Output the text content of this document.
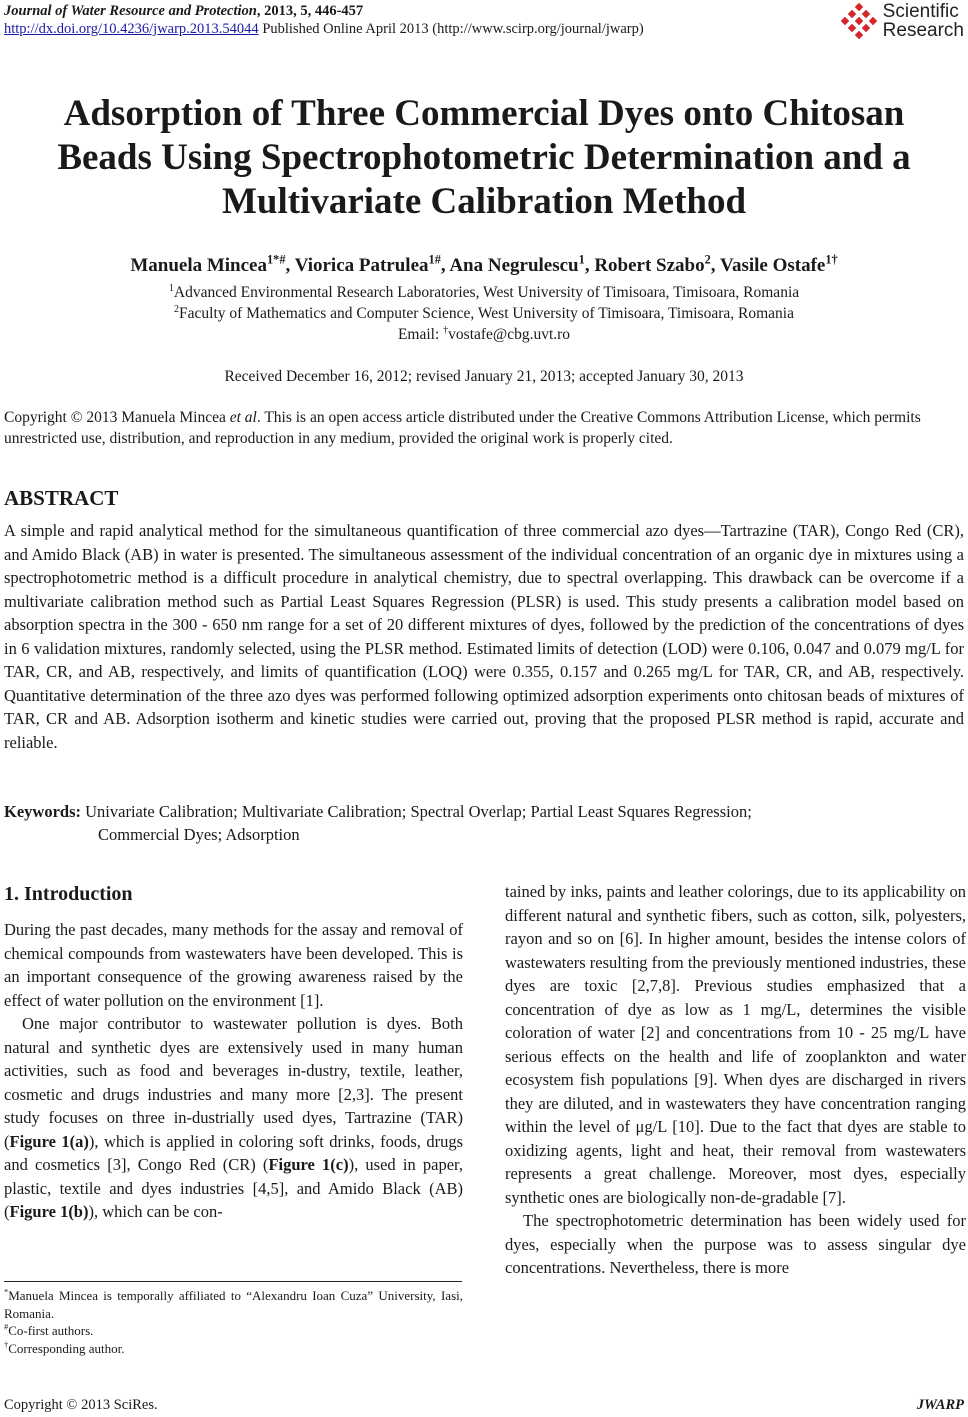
Journal of Water Resource and Protection, 2013, 5, 446-457
http://dx.doi.org/10.4236/jwarp.2013.54044 Published Online April 2013 (http://www.scirp.org/journal/jwarp)
Scientific
Research
Adsorption of Three Commercial Dyes onto Chitosan Beads Using Spectrophotometric Determination and a Multivariate Calibration Method
Manuela Mincea$^{1*\#}$, Viorica Patrulea$^{1\#}$, Ana Negrulescu$^1$, Robert Szabo$^2$, Vasile Ostafe$^{1\dagger}$
$^1$Advanced Environmental Research Laboratories, West University of Timisoara, Timisoara, Romania
$^2$Faculty of Mathematics and Computer Science, West University of Timisoara, Timisoara, Romania
Email: †vostafe@cbg.uvt.ro
Received December 16, 2012; revised January 21, 2013; accepted January 30, 2013
Copyright © 2013 Manuela Mincea et al. This is an open access article distributed under the Creative Commons Attribution License, which permits unrestricted use, distribution, and reproduction in any medium, provided the original work is properly cited.
ABSTRACT
A simple and rapid analytical method for the simultaneous quantification of three commercial azo dyes—Tartrazine (TAR), Congo Red (CR), and Amido Black (AB) in water is presented. The simultaneous assessment of the individual concentration of an organic dye in mixtures using a spectrophotometric method is a difficult procedure in analytical chemistry, due to spectral overlapping. This drawback can be overcome if a multivariate calibration method such as Partial Least Squares Regression (PLSR) is used. This study presents a calibration model based on absorption spectra in the 300 - 650 nm range for a set of 20 different mixtures of dyes, followed by the prediction of the concentrations of dyes in 6 validation mixtures, randomly selected, using the PLSR method. Estimated limits of detection (LOD) were 0.106, 0.047 and 0.079 mg/L for TAR, CR, and AB, respectively, and limits of quantification (LOQ) were 0.355, 0.157 and 0.265 mg/L for TAR, CR, and AB, respectively. Quantitative determination of the three azo dyes was performed following optimized adsorption experiments onto chitosan beads of mixtures of TAR, CR and AB. Adsorption isotherm and kinetic studies were carried out, proving that the proposed PLSR method is rapid, accurate and reliable.
Keywords: Univariate Calibration; Multivariate Calibration; Spectral Overlap; Partial Least Squares Regression;
Commercial Dyes; Adsorption
1. Introduction

During the past decades, many methods for the assay and removal of chemical compounds from wastewaters have been developed. This is an important consequence of the growing awareness raised by the effect of water pollution on the environment [1].

One major contributor to wastewater pollution is dyes. Both natural and synthetic dyes are extensively used in many human activities, such as food and beverages in-dustry, textile, leather, cosmetic and drugs industries and many more [2,3]. The present study focuses on three in-dustrially used dyes, Tartrazine (TAR) (Figure 1(a)), which is applied in coloring soft drinks, foods, drugs and cosmetics [3], Congo Red (CR) (Figure 1(c)), used in paper, plastic, textile and dyes industries [4,5], and Amido Black (AB) (Figure 1(b)), which can be con-

tained by inks, paints and leather colorings, due to its applicability on different natural and synthetic fibers, such as cotton, silk, polyesters, rayon and so on [6]. In higher amount, besides the intense colors of wastewaters resulting from the previously mentioned industries, these dyes are toxic [2,7,8]. Previous studies emphasized that a concentration of dye as low as 1 mg/L, determines the visible coloration of water [2] and concentrations from 10 - 25 mg/L have serious effects on the health and life of zooplankton and water ecosystem fish populations [9]. When dyes are discharged in rivers they are diluted, and in wastewaters they have concentration ranging within the level of μg/L [10]. Due to the fact that dyes are stable to oxidizing agents, light and heat, their removal from wastewaters represents a great challenge. Moreover, most dyes, especially synthetic ones are biologically non-de-gradable [7].

The spectrophotometric determination has been widely used for dyes, especially when the purpose was to assess singular dye concentrations. Nevertheless, there is more

*Manuela Mincea is temporally affiliated to “Alexandru Ioan Cuza” University, Iasi, Romania.
#Co-first authors.
†Corresponding author.
Copyright © 2013 SciRes.	JWARP
